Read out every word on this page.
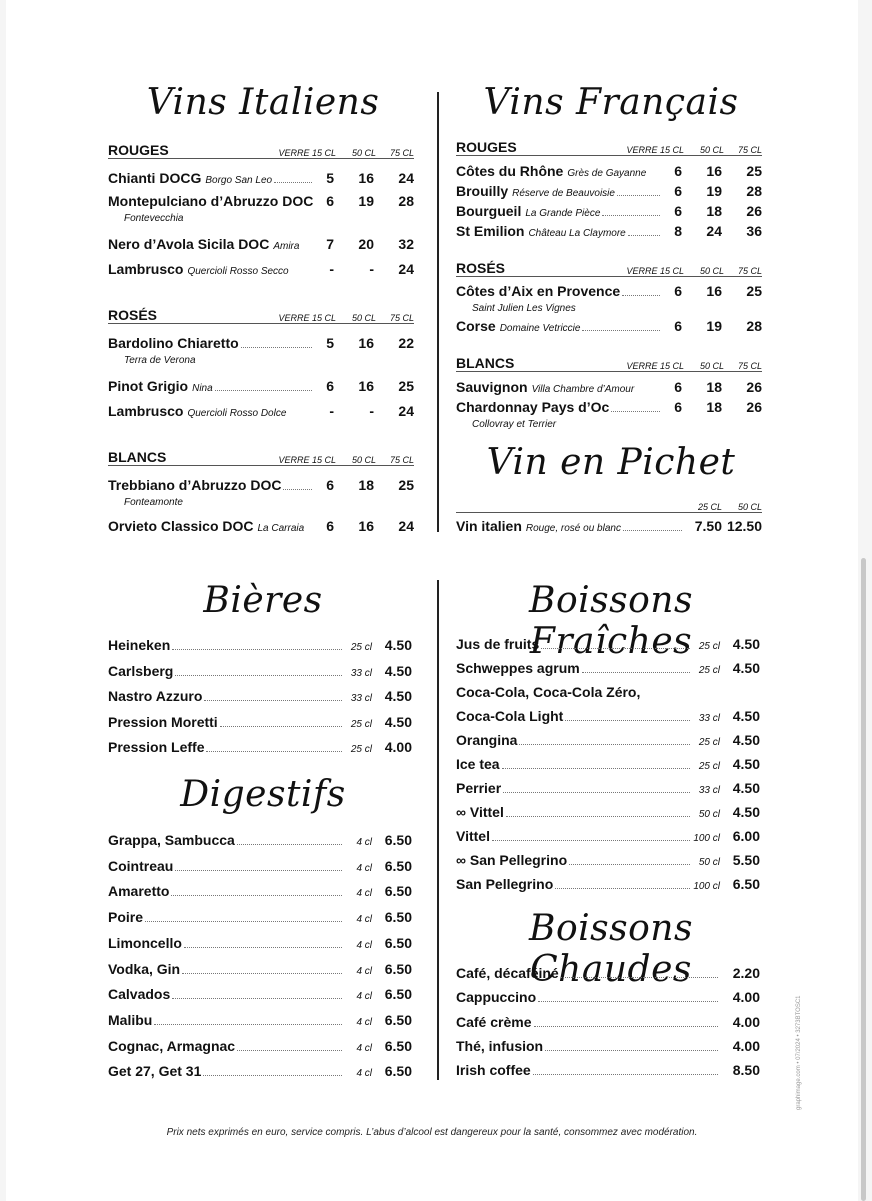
Vins Italiens	Vins Français
Vin en Pichet
Bières
Digestifs
Boissons Fraîches
Boissons Chaudes
ROUGES	VERRE 15 CL	50 CL	75 CL
Chianti DOCG Borgo San Leo	5	16	24
Montepulciano d’Abruzzo DOC 6	19	28
Fontevecchia
Nero d’Avola Sicila DOC Amira	7	20	32
Lambrusco Quercioli Rosso Secco	-	-	24
ROSÉS	VERRE 15 CL	50 CL	75 CL
Bardolino Chiaretto	5	16	22
Terra de Verona
Pinot Grigio Nina	6	16	25
Lambrusco Quercioli Rosso Dolce	-	-	24
BLANCS	VERRE 15 CL	50 CL	75 CL
Trebbiano d’Abruzzo DOC	6	18	25
Fonteamonte
Orvieto Classico DOC La Carraia	6	16	24
ROUGES	VERRE 15 CL	50 CL	75 CL
Côtes du Rhône Grès de Gayanne	6	16	25
Brouilly Réserve de Beauvoisie	6	19	28
Bourgueil La Grande Pièce	6	18	26
St Emilion Château La Claymore	8	24	36
ROSÉS	VERRE 15 CL	50 CL	75 CL
Côtes d’Aix en Provence	6	16	25
Saint Julien Les Vignes
Corse Domaine Vetriccie	6	19	28
BLANCS	VERRE 15 CL	50 CL	75 CL
Sauvignon Villa Chambre d’Amour	6	18	26
Chardonnay Pays d’Oc	6	18	26
Collovray et Terrier
Heineken	25 cl 4.50
Carlsberg	33 cl 4.50
Nastro Azzuro	33 cl 4.50
Pression Moretti	25 cl 4.50
Pression Leffe	25 cl 4.00
Grappa, Sambucca	4 cl 6.50
Cointreau	4 cl 6.50
Amaretto	4 cl 6.50
Poire	4 cl 6.50
Limoncello	4 cl 6.50
Vodka, Gin	4 cl 6.50
Calvados	4 cl 6.50
Malibu	4 cl 6.50
Cognac, Armagnac	4 cl 6.50
Get 27, Get 31	4 cl 6.50
Jus de fruits	25 cl 4.50
Schweppes agrum	25 cl 4.50
Coca-Cola, Coca-Cola Zéro,
Coca-Cola Light	33 cl 4.50
Orangina	25 cl 4.50
Ice tea	25 cl 4.50
Perrier	33 cl 4.50
∞ Vittel	50 cl 4.50
Vittel	100 cl 6.00
∞ San Pellegrino	50 cl 5.50
San Pellegrino	100 cl 6.50
Café, décaféiné	2.20
Cappuccino	4.00
Café crème	4.00
Thé, infusion	4.00
Irish coffee	8.50
25 CL	50 CL
Vin italien Rouge, rosé ou blanc	7.50 12.50
Prix nets exprimés en euro, service compris. L’abus d’alcool est dangereux pour la santé, consommez avec modération.
graphimage.com • 07/2024 • 3273BTOSC1
